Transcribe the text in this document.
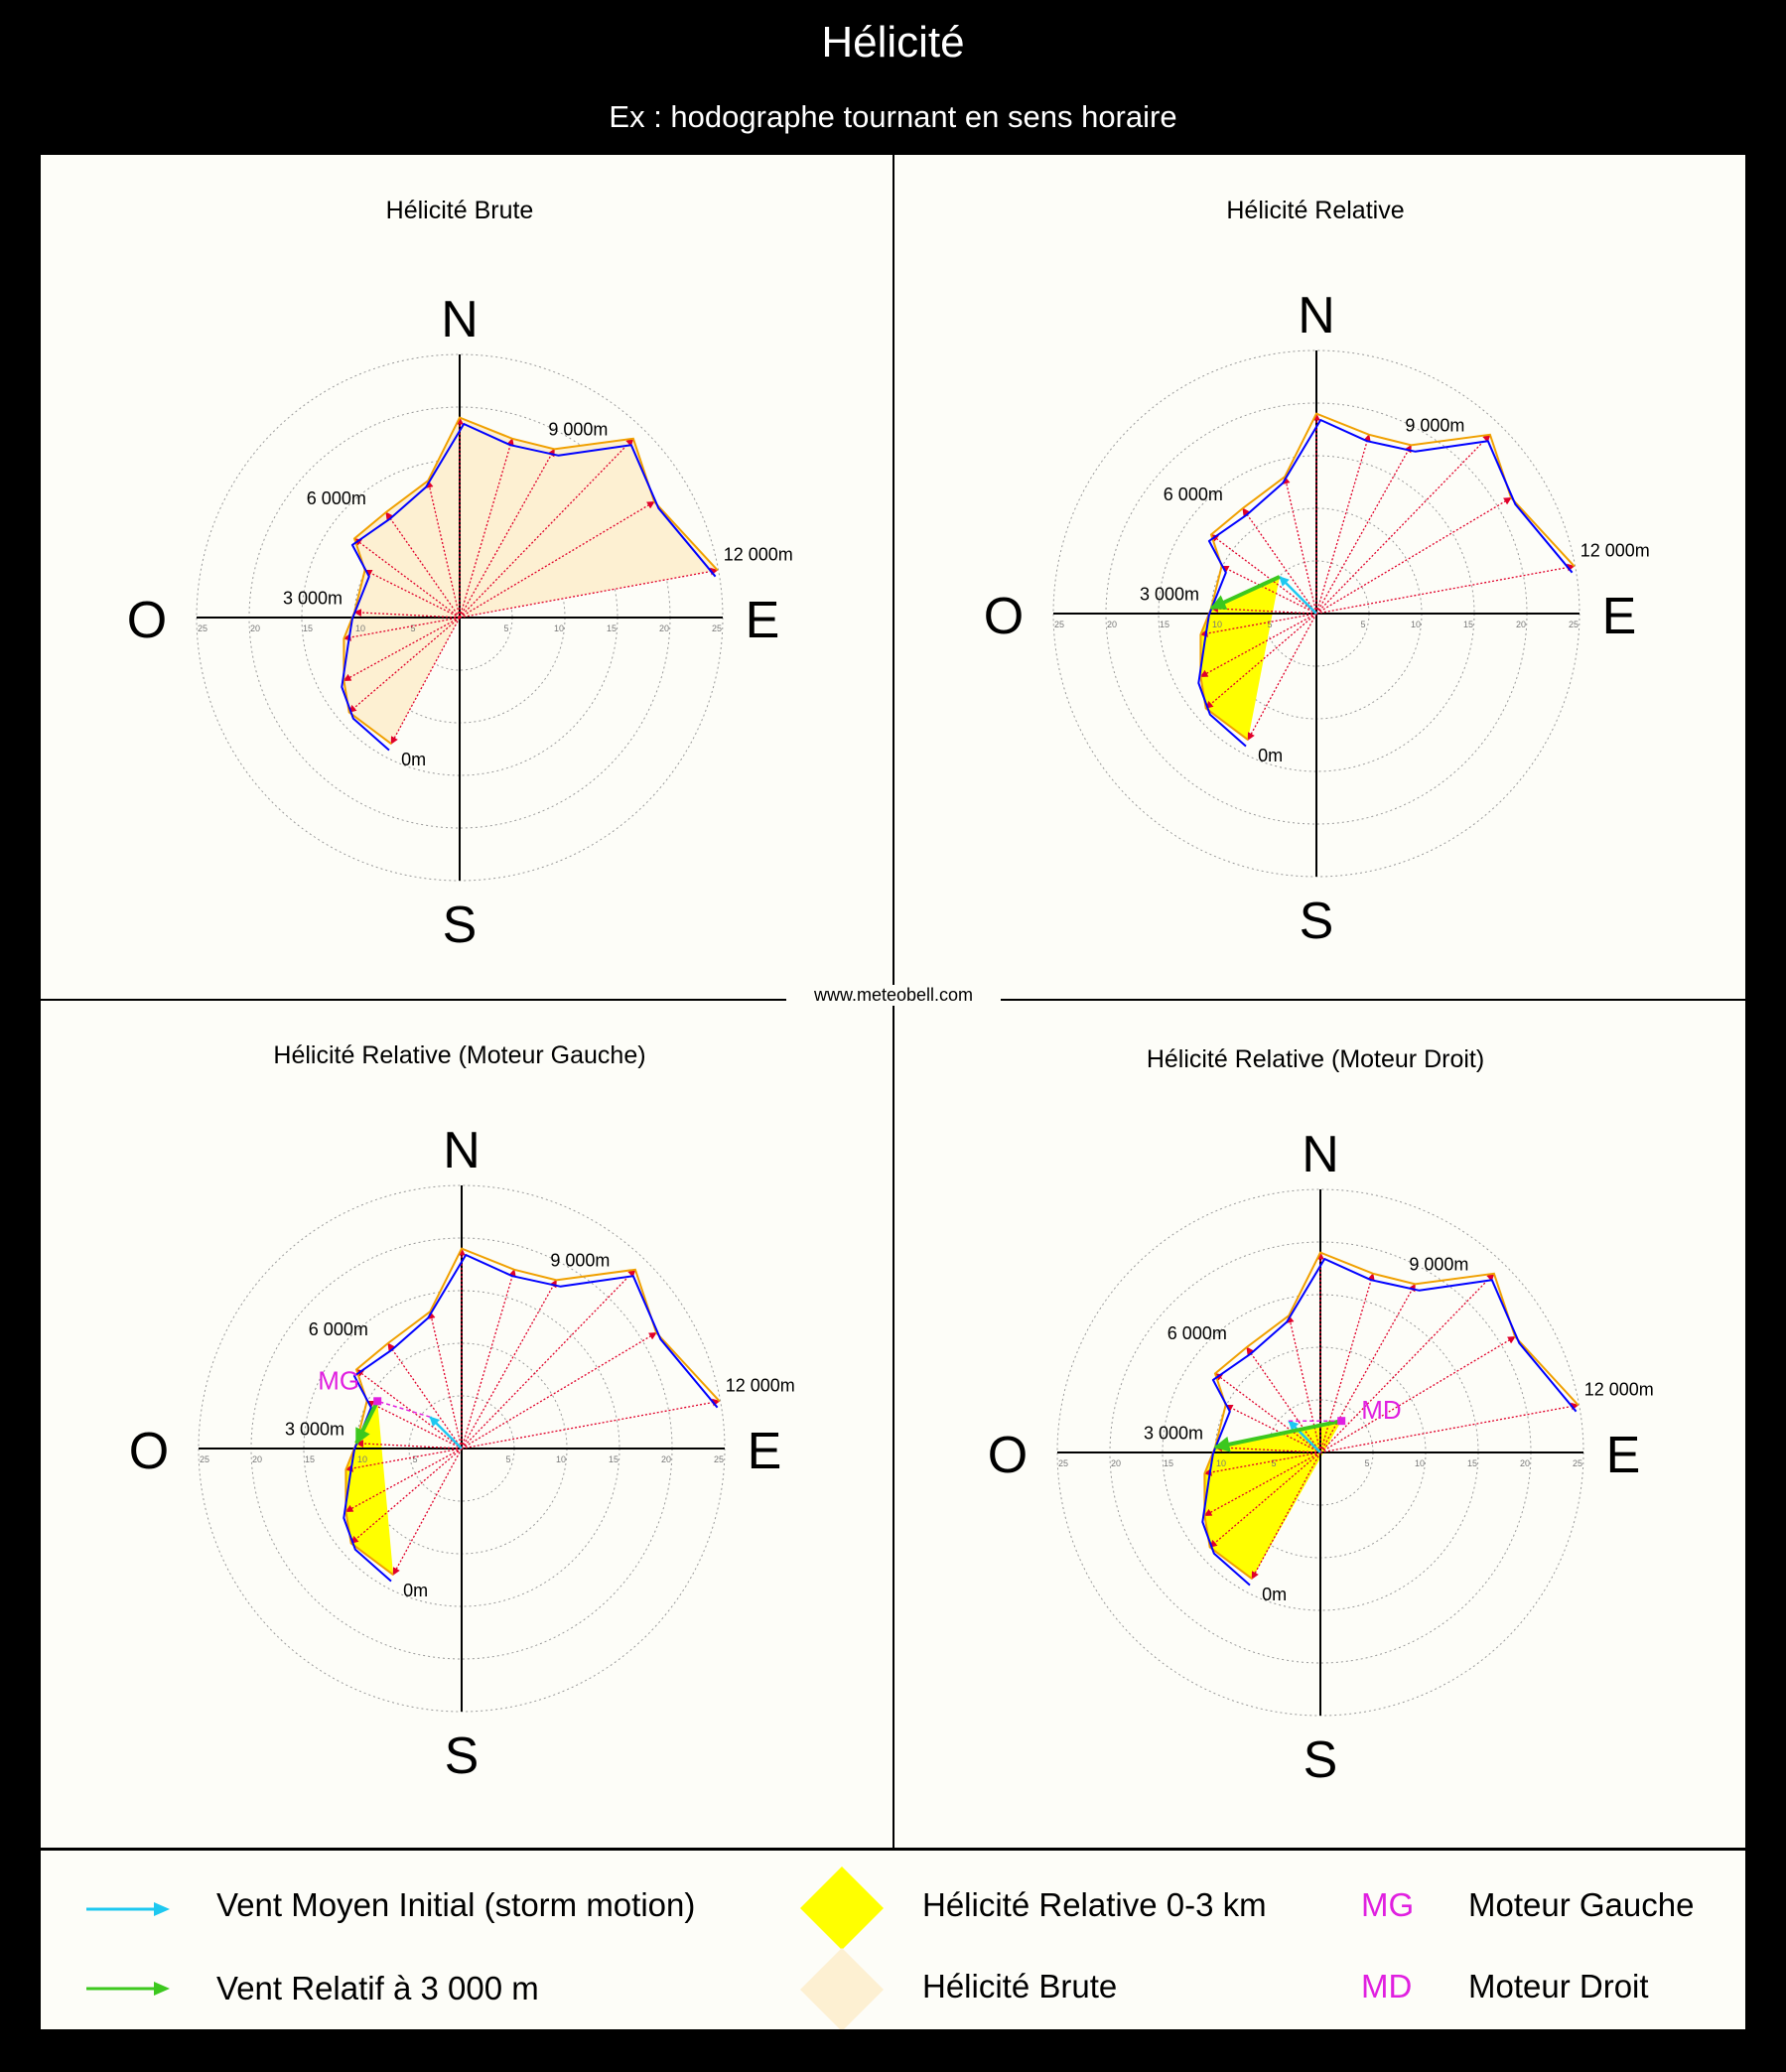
Hélicité
Ex : hodographe tournant en sens horaire
www.meteobell.com
Hélicité Brute	Hélicité Relative
Hélicité Relative (Moteur Gauche)	Hélicité Relative (Moteur Droit)
5
5	10
10	15
15	20
20	25
25
N
S
E
O
0m
3 000m
6 000m
9 000m
12 000m
5
5	10
10	15
15	20
20	25
25
N
S
E
O
0m
3 000m
6 000m
9 000m
12 000m
5
5	10
10	15
15	20
20	25
25
N
S
E
O
0m
3 000m
6 000m
9 000m
12 000m
MG
5
5	10
10	15
15	20
20	25
25
N
S
E
O
0m
3 000m
6 000m
9 000m
12 000m
MD
Vent Moyen Initial (storm motion)
Vent Relatif à 3 000 m
Hélicité Relative 0-3 km
Hélicité Brute
MG Moteur Gauche
MD Moteur Droit
